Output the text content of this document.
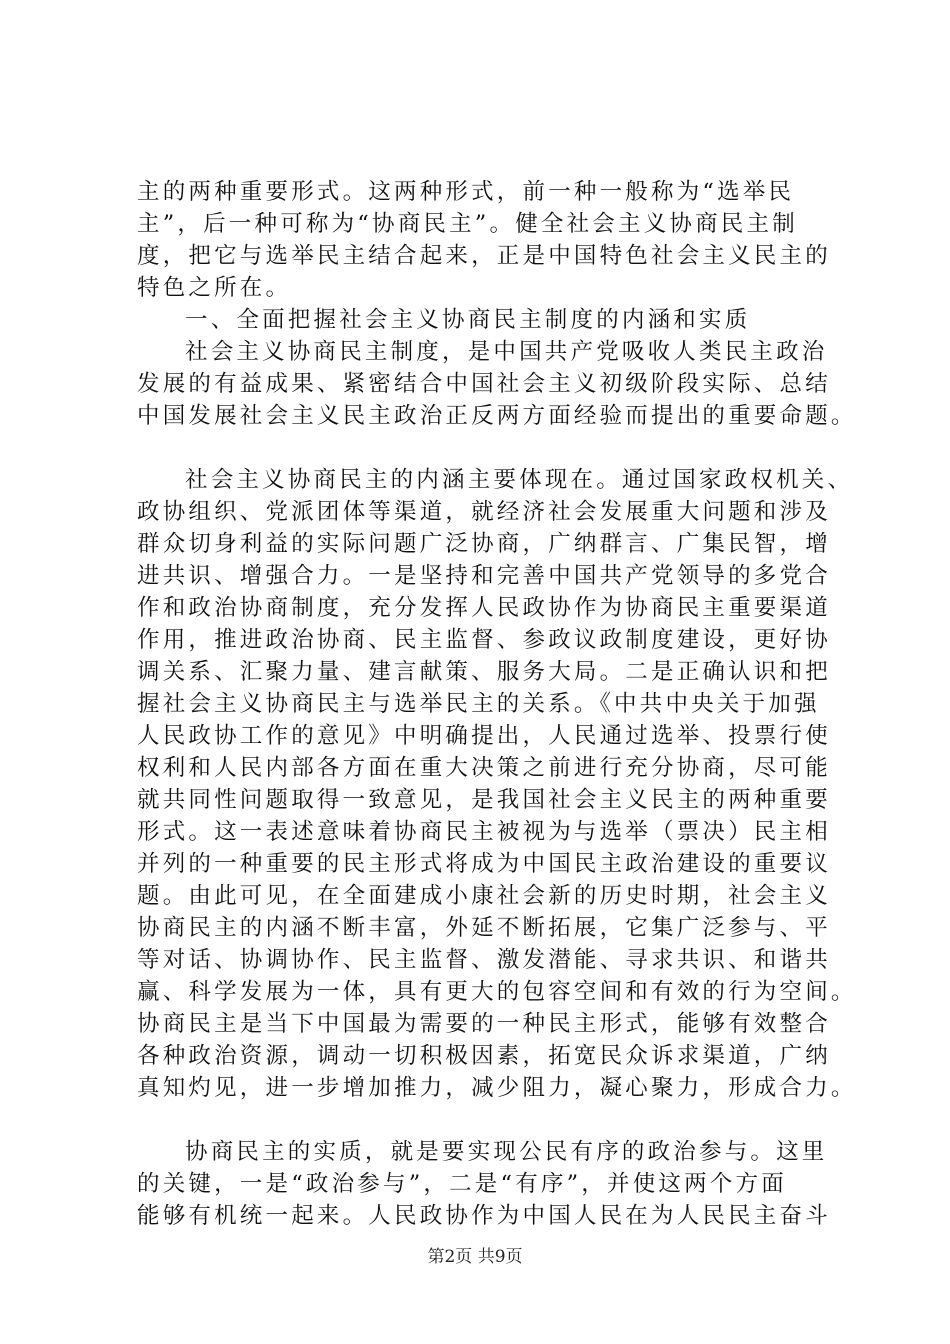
主的两种重要形式。这两种形式，前一种一般称为“选举民
主”，后一种可称为“协商民主”。健全社会主义协商民主制
度，把它与选举民主结合起来，正是中国特色社会主义民主的
特色之所在。
一、全面把握社会主义协商民主制度的内涵和实质
社会主义协商民主制度，是中国共产党吸收人类民主政治
发展的有益成果、紧密结合中国社会主义初级阶段实际、总结
中国发展社会主义民主政治正反两方面经验而提出的重要命题。
社会主义协商民主的内涵主要体现在。通过国家政权机关、
政协组织、党派团体等渠道，就经济社会发展重大问题和涉及
群众切身利益的实际问题广泛协商，广纳群言、广集民智，增
进共识、增强合力。一是坚持和完善中国共产党领导的多党合
作和政治协商制度，充分发挥人民政协作为协商民主重要渠道
作用，推进政治协商、民主监督、参政议政制度建设，更好协
调关系、汇聚力量、建言献策、服务大局。二是正确认识和把
握社会主义协商民主与选举民主的关系。《中共中央关于加强
人民政协工作的意见》中明确提出，人民通过选举、投票行使
权利和人民内部各方面在重大决策之前进行充分协商，尽可能
就共同性问题取得一致意见，是我国社会主义民主的两种重要
形式。这一表述意味着协商民主被视为与选举（票决）民主相
并列的一种重要的民主形式将成为中国民主政治建设的重要议
题。由此可见，在全面建成小康社会新的历史时期，社会主义
协商民主的内涵不断丰富，外延不断拓展，它集广泛参与、平
等对话、协调协作、民主监督、激发潜能、寻求共识、和谐共
赢、科学发展为一体，具有更大的包容空间和有效的行为空间。
协商民主是当下中国最为需要的一种民主形式，能够有效整合
各种政治资源，调动一切积极因素，拓宽民众诉求渠道，广纳
真知灼见，进一步增加推力，减少阻力，凝心聚力，形成合力。
协商民主的实质，就是要实现公民有序的政治参与。这里
的关键，一是“政治参与”，二是“有序”，并使这两个方面
能够有机统一起来。人民政协作为中国人民在为人民民主奋斗
第2页 共9页
